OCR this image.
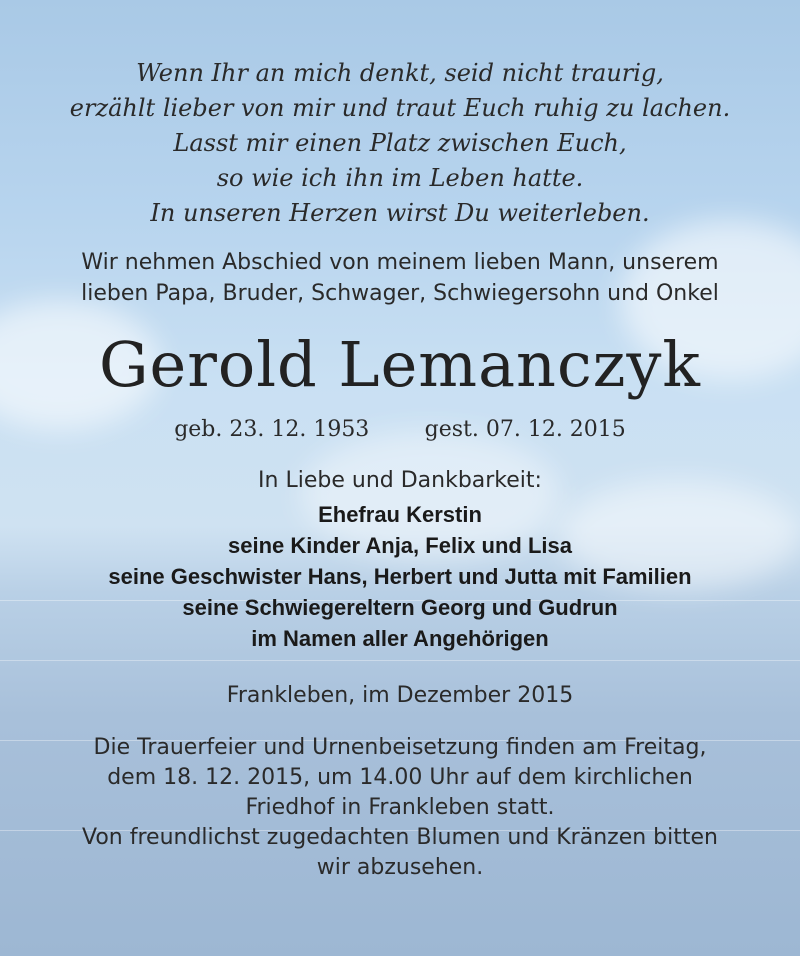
Wenn Ihr an mich denkt, seid nicht traurig,

erzählt lieber von mir und traut Euch ruhig zu lachen.

Lasst mir einen Platz zwischen Euch,

so wie ich ihn im Leben hatte.

In unseren Herzen wirst Du weiterleben.

Wir nehmen Abschied von meinem lieben Mann, unserem

lieben Papa, Bruder, Schwager, Schwiegersohn und Onkel

Gerold Lemanczyk

geb. 23. 12. 1953	gest. 07. 12. 2015

In Liebe und Dankbarkeit:

Ehefrau Kerstin

seine Kinder Anja, Felix und Lisa

seine Geschwister Hans, Herbert und Jutta mit Familien

seine Schwiegereltern Georg und Gudrun

im Namen aller Angehörigen

Frankleben, im Dezember 2015

Die Trauerfeier und Urnenbeisetzung finden am Freitag,

dem 18. 12. 2015, um 14.00 Uhr auf dem kirchlichen

Friedhof in Frankleben statt.

Von freundlichst zugedachten Blumen und Kränzen bitten

wir abzusehen.
